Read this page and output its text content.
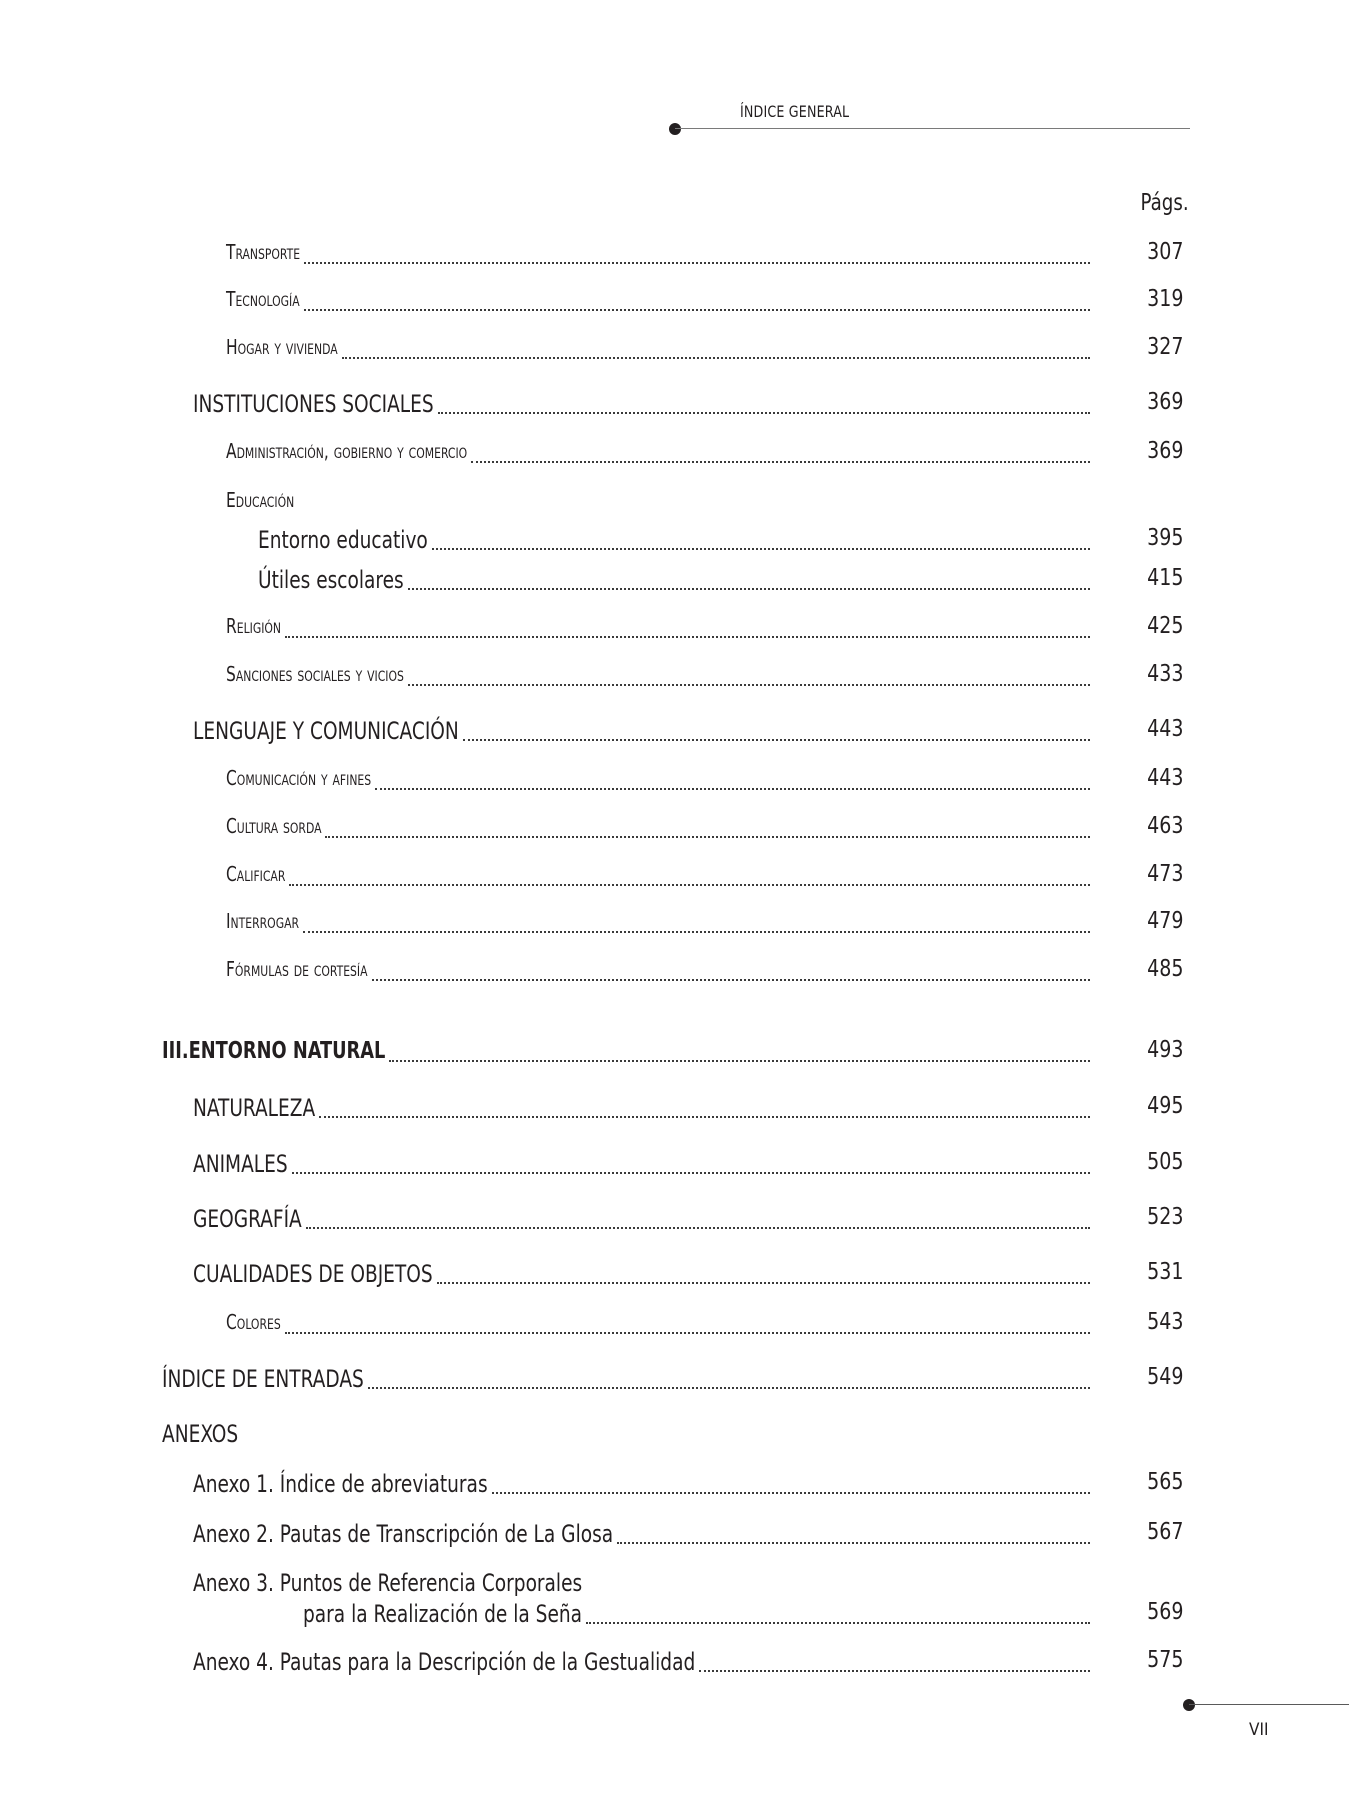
ÍNDICE GENERAL
Págs.
Transporte	307
Tecnología	319
Hogar y vivienda	327
INSTITUCIONES SOCIALES	369
Administración, gobierno y comercio	369
Educación
Entorno educativo	395
Útiles escolares	415
Religión	425
Sanciones sociales y vicios	433
LENGUAJE Y COMUNICACIÓN	443
Comunicación y afines	443
Cultura sorda	463
Calificar	473
Interrogar	479
Fórmulas de cortesía	485
III.ENTORNO NATURAL	493
NATURALEZA	495
ANIMALES	505
GEOGRAFÍA	523
CUALIDADES DE OBJETOS	531
Colores	543
ÍNDICE DE ENTRADAS	549
ANEXOS
Anexo 1. Índice de abreviaturas	565
Anexo 2. Pautas de Transcripción de La Glosa	567
Anexo 3. Puntos de Referencia Corporales
para la Realización de la Seña	569
Anexo 4. Pautas para la Descripción de la Gestualidad	575
VII
